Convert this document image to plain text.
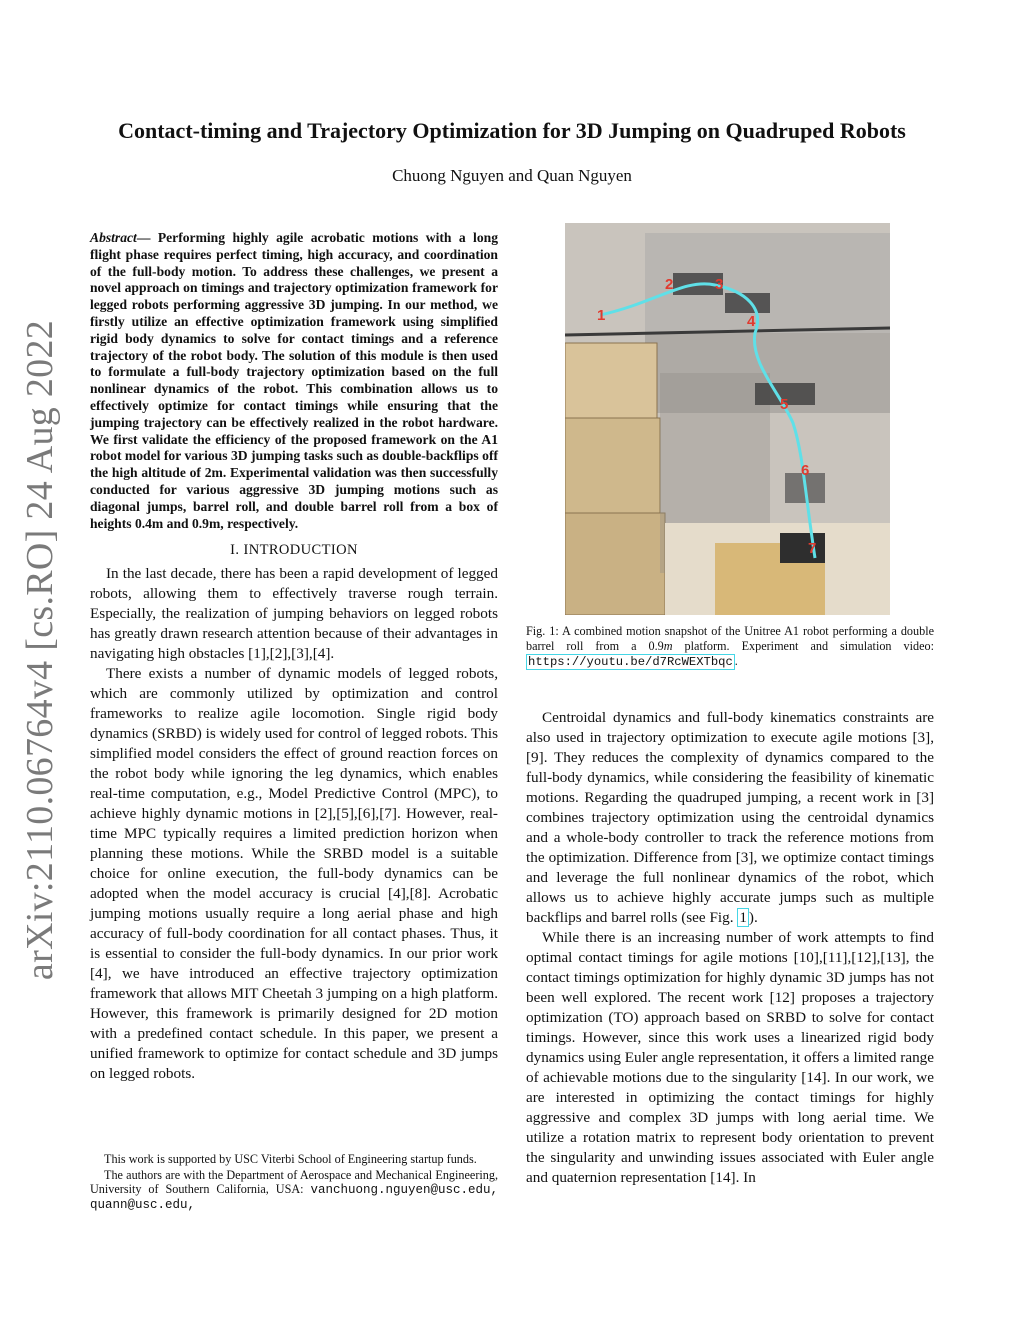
arXiv:2110.06764v4 [cs.RO] 24 Aug 2022
Contact-timing and Trajectory Optimization for 3D Jumping on Quadruped Robots
Chuong Nguyen and Quan Nguyen
Abstract— Performing highly agile acrobatic motions with a long flight phase requires perfect timing, high accuracy, and coordination of the full-body motion. To address these challenges, we present a novel approach on timings and trajectory optimization framework for legged robots performing aggressive 3D jumping. In our method, we firstly utilize an effective optimization framework using simplified rigid body dynamics to solve for contact timings and a reference trajectory of the robot body. The solution of this module is then used to formulate a full-body trajectory optimization based on the full nonlinear dynamics of the robot. This combination allows us to effectively optimize for contact timings while ensuring that the jumping trajectory can be effectively realized in the robot hardware. We first validate the efficiency of the proposed framework on the A1 robot model for various 3D jumping tasks such as double-backflips off the high altitude of 2m. Experimental validation was then successfully conducted for various aggressive 3D jumping motions such as diagonal jumps, barrel roll, and double barrel roll from a box of heights 0.4m and 0.9m, respectively.
I. INTRODUCTION

In the last decade, there has been a rapid development of legged robots, allowing them to effectively traverse rough terrain. Especially, the realization of jumping behaviors on legged robots has greatly drawn research attention because of their advantages in navigating high obstacles [1],[2],[3],[4].

There exists a number of dynamic models of legged robots, which are commonly utilized by optimization and control frameworks to realize agile locomotion. Single rigid body dynamics (SRBD) is widely used for control of legged robots. This simplified model considers the effect of ground reaction forces on the robot body while ignoring the leg dynamics, which enables real-time computation, e.g., Model Predictive Control (MPC), to achieve highly dynamic motions in [2],[5],[6],[7]. However, real-time MPC typically requires a limited prediction horizon when planning these motions. While the SRBD model is a suitable choice for online execution, the full-body dynamics can be adopted when the model accuracy is crucial [4],[8]. Acrobatic jumping motions usually require a long aerial phase and high accuracy of full-body coordination for all contact phases. Thus, it is essential to consider the full-body dynamics. In our prior work [4], we have introduced an effective trajectory optimization framework that allows MIT Cheetah 3 jumping on a high platform. However, this framework is primarily designed for 2D motion with a predefined contact schedule. In this paper, we present a unified framework to optimize for contact schedule and 3D jumps on legged robots.

This work is supported by USC Viterbi School of Engineering startup funds.

The authors are with the Department of Aerospace and Mechanical Engineering, University of Southern California, USA: vanchuong.nguyen@usc.edu, quann@usc.edu,

1
2	3
4
5
6
7
Fig. 1: A combined motion snapshot of the Unitree A1 robot performing a double barrel roll from a 0.9m platform. Experiment and simulation video: https://youtu.be/d7RcWEXTbqc .

Centroidal dynamics and full-body kinematics constraints are also used in trajectory optimization to execute agile motions [3],[9]. They reduces the complexity of dynamics compared to the full-body dynamics, while considering the feasibility of kinematic motions. Regarding the quadruped jumping, a recent work in [3] combines trajectory optimization using the centroidal dynamics and a whole-body controller to track the reference motions from the optimization. Difference from [3], we optimize contact timings and leverage the full nonlinear dynamics of the robot, which allows us to achieve highly accurate jumps such as multiple backflips and barrel rolls (see Fig. 1 ).

While there is an increasing number of work attempts to find optimal contact timings for agile motions [10],[11],[12],[13], the contact timings optimization for highly dynamic 3D jumps has not been well explored. The recent work [12] proposes a trajectory optimization (TO) approach based on SRBD to solve for contact timings. However, since this work uses a linearized rigid body dynamics using Euler angle representation, it offers a limited range of achievable motions due to the singularity [14]. In our work, we are interested in optimizing the contact timings for highly aggressive and complex 3D jumps with long aerial time. We utilize a rotation matrix to represent body orientation to prevent the singularity and unwinding issues associated with Euler angle and quaternion representation [14]. In
